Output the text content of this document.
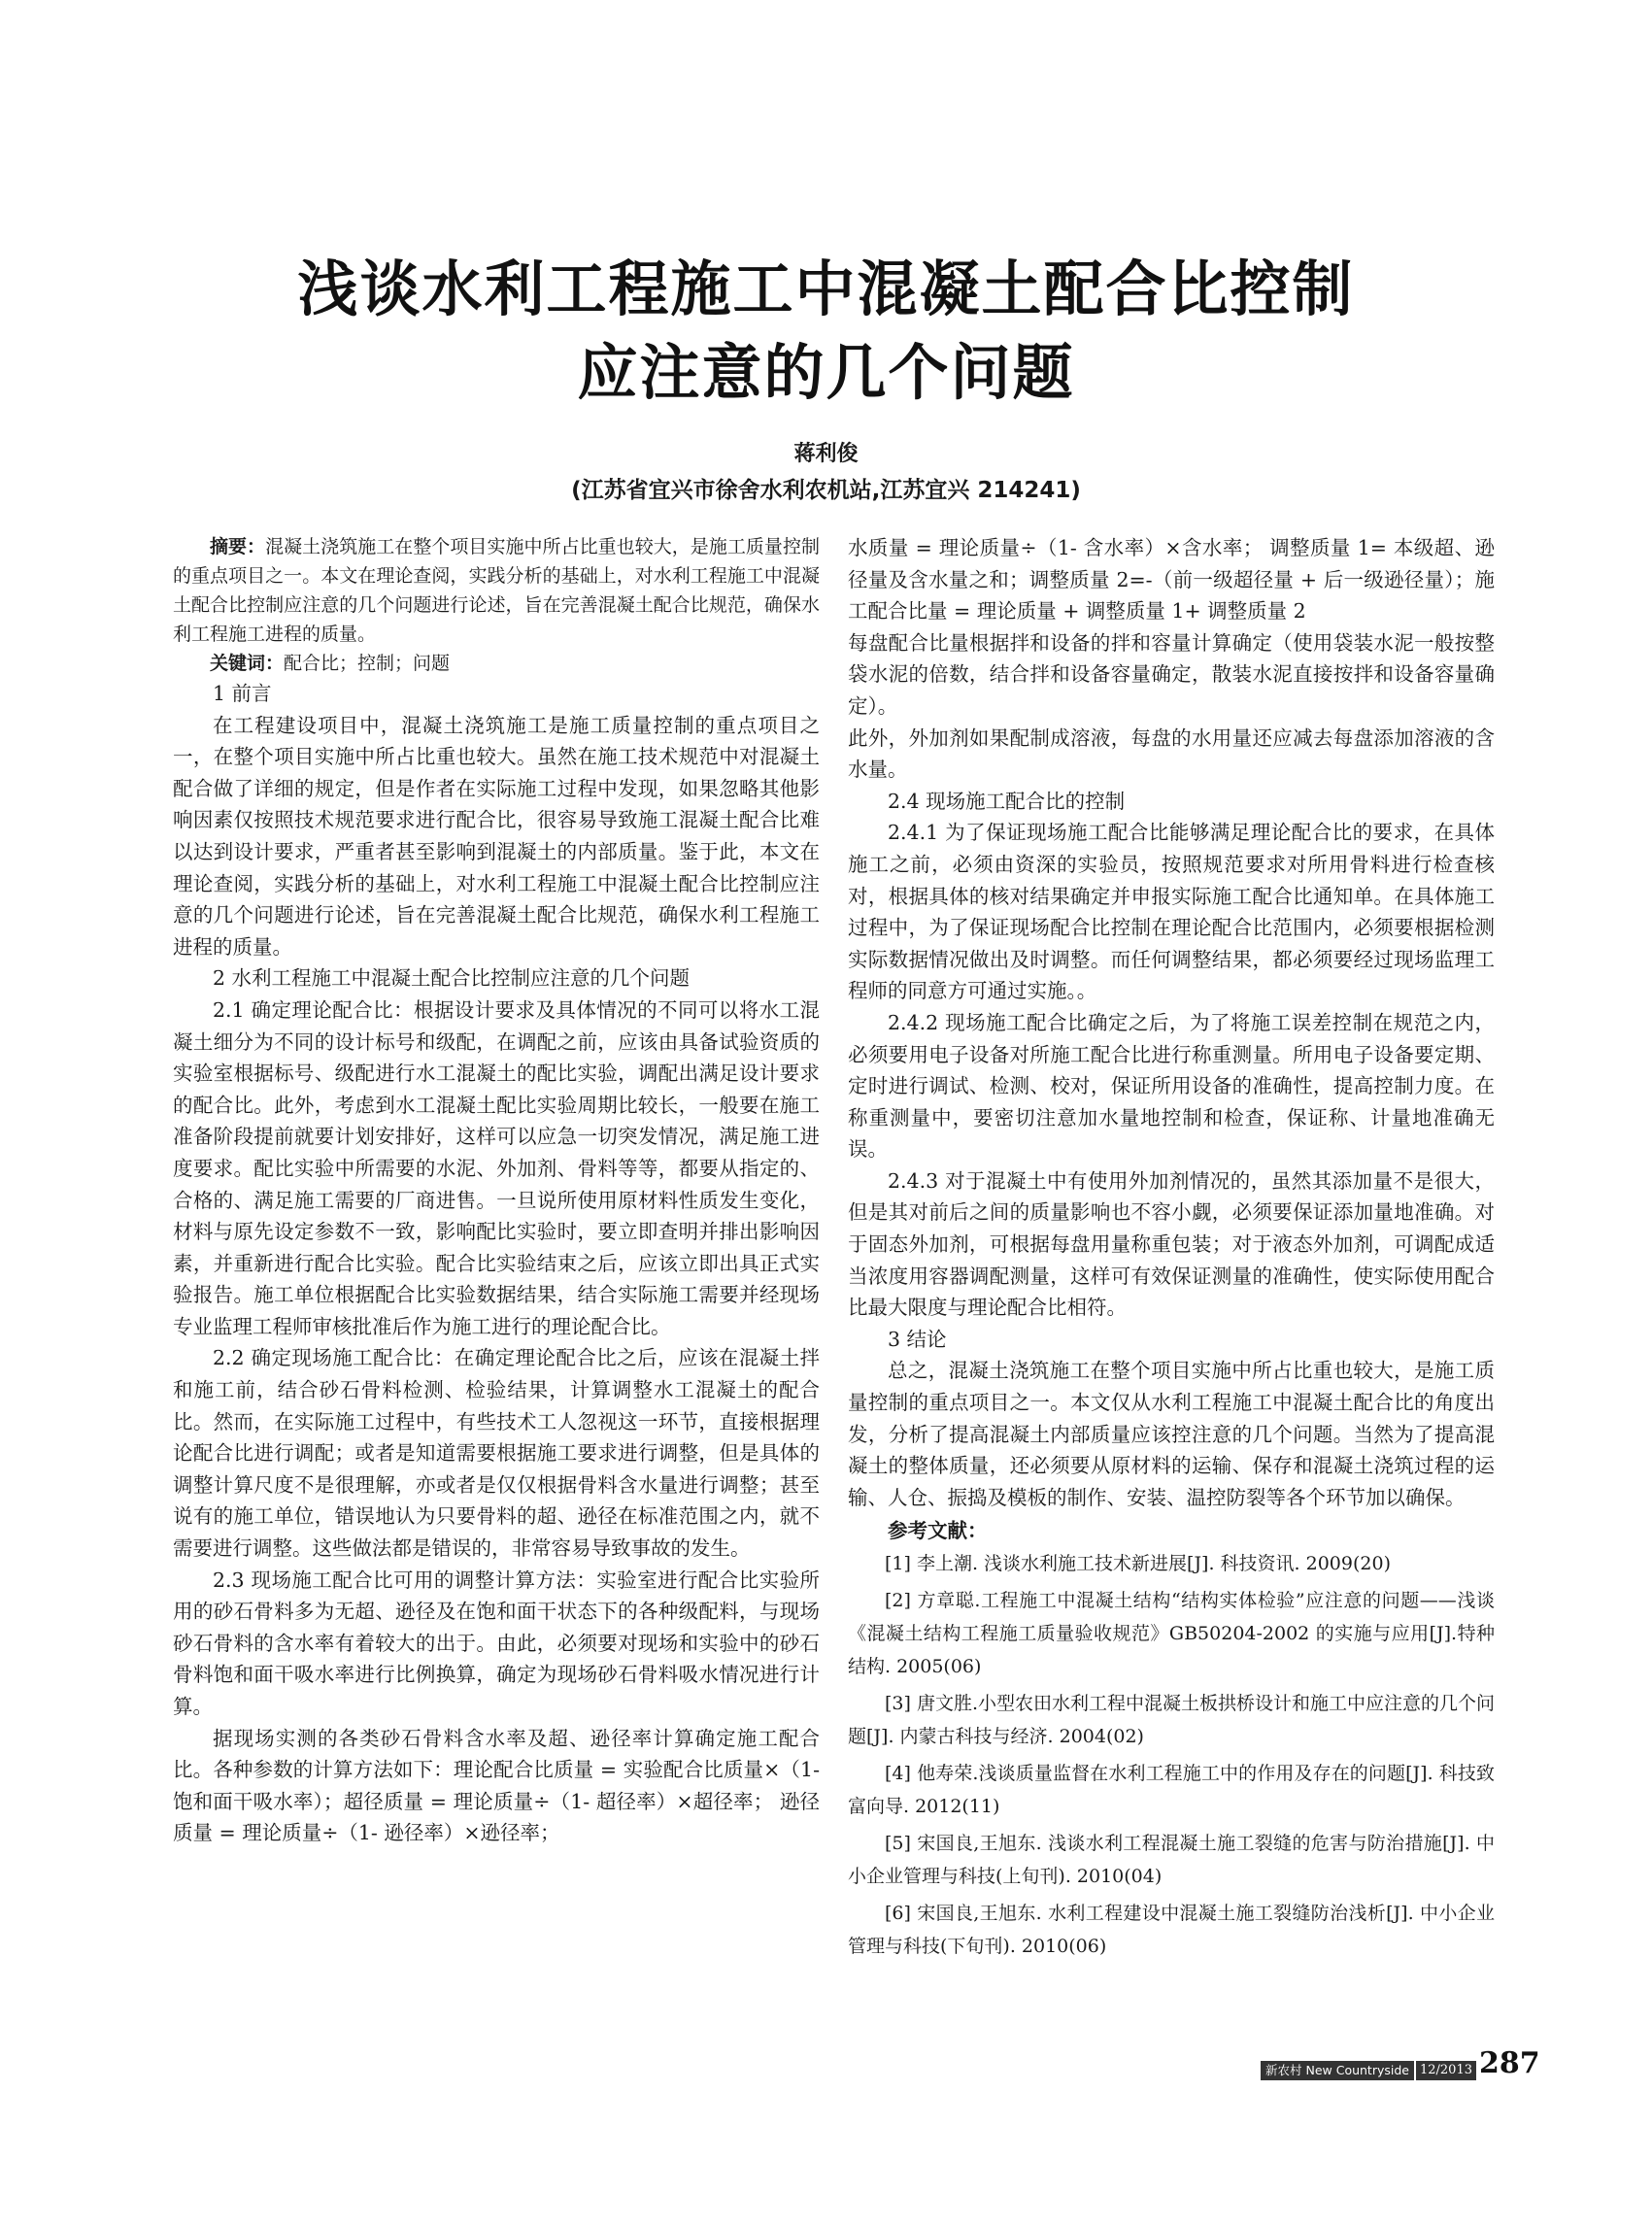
浅谈水利工程施工中混凝土配合比控制
应注意的几个问题
蒋利俊
(江苏省宜兴市徐舍水利农机站,江苏宜兴 214241)

摘要：混凝土浇筑施工在整个项目实施中所占比重也较大，是施工质量控制的重点项目之一。本文在理论查阅，实践分析的基础上，对水利工程施工中混凝土配合比控制应注意的几个问题进行论述，旨在完善混凝土配合比规范，确保水利工程施工进程的质量。

关键词：配合比；控制；问题

1 前言

在工程建设项目中，混凝土浇筑施工是施工质量控制的重点项目之一，在整个项目实施中所占比重也较大。虽然在施工技术规范中对混凝土配合做了详细的规定，但是作者在实际施工过程中发现，如果忽略其他影响因素仅按照技术规范要求进行配合比，很容易导致施工混凝土配合比难以达到设计要求，严重者甚至影响到混凝土的内部质量。鉴于此，本文在理论查阅，实践分析的基础上，对水利工程施工中混凝土配合比控制应注意的几个问题进行论述，旨在完善混凝土配合比规范，确保水利工程施工进程的质量。

2 水利工程施工中混凝土配合比控制应注意的几个问题

2.1 确定理论配合比：根据设计要求及具体情况的不同可以将水工混凝土细分为不同的设计标号和级配，在调配之前，应该由具备试验资质的实验室根据标号、级配进行水工混凝土的配比实验，调配出满足设计要求的配合比。此外，考虑到水工混凝土配比实验周期比较长，一般要在施工准备阶段提前就要计划安排好，这样可以应急一切突发情况，满足施工进度要求。配比实验中所需要的水泥、外加剂、骨料等等，都要从指定的、合格的、满足施工需要的厂商进售。一旦说所使用原材料性质发生变化，材料与原先设定参数不一致，影响配比实验时，要立即查明并排出影响因素，并重新进行配合比实验。配合比实验结束之后，应该立即出具正式实验报告。施工单位根据配合比实验数据结果，结合实际施工需要并经现场专业监理工程师审核批准后作为施工进行的理论配合比。

2.2 确定现场施工配合比：在确定理论配合比之后，应该在混凝土拌和施工前，结合砂石骨料检测、检验结果，计算调整水工混凝土的配合比。然而，在实际施工过程中，有些技术工人忽视这一环节，直接根据理论配合比进行调配；或者是知道需要根据施工要求进行调整，但是具体的调整计算尺度不是很理解，亦或者是仅仅根据骨料含水量进行调整；甚至说有的施工单位，错误地认为只要骨料的超、逊径在标准范围之内，就不需要进行调整。这些做法都是错误的，非常容易导致事故的发生。

2.3 现场施工配合比可用的调整计算方法：实验室进行配合比实验所用的砂石骨料多为无超、逊径及在饱和面干状态下的各种级配料，与现场砂石骨料的含水率有着较大的出于。由此，必须要对现场和实验中的砂石骨料饱和面干吸水率进行比例换算，确定为现场砂石骨料吸水情况进行计算。

据现场实测的各类砂石骨料含水率及超、逊径率计算确定施工配合比。各种参数的计算方法如下：理论配合比质量 = 实验配合比质量×（1- 饱和面干吸水率）；超径质量 = 理论质量÷（1- 超径率）×超径率； 逊径质量 = 理论质量÷（1- 逊径率）×逊径率；

水质量 = 理论质量÷（1- 含水率）×含水率； 调整质量 1= 本级超、逊径量及含水量之和；调整质量 2=-（前一级超径量 + 后一级逊径量）；施工配合比量 = 理论质量 + 调整质量 1+ 调整质量 2

每盘配合比量根据拌和设备的拌和容量计算确定（使用袋装水泥一般按整袋水泥的倍数，结合拌和设备容量确定，散装水泥直接按拌和设备容量确定）。

此外，外加剂如果配制成溶液，每盘的水用量还应减去每盘添加溶液的含水量。

2.4 现场施工配合比的控制

2.4.1 为了保证现场施工配合比能够满足理论配合比的要求，在具体施工之前，必须由资深的实验员，按照规范要求对所用骨料进行检查核对，根据具体的核对结果确定并申报实际施工配合比通知单。在具体施工过程中，为了保证现场配合比控制在理论配合比范围内，必须要根据检测实际数据情况做出及时调整。而任何调整结果，都必须要经过现场监理工程师的同意方可通过实施。。

2.4.2 现场施工配合比确定之后，为了将施工误差控制在规范之内，必须要用电子设备对所施工配合比进行称重测量。所用电子设备要定期、定时进行调试、检测、校对，保证所用设备的准确性，提高控制力度。在称重测量中，要密切注意加水量地控制和检查，保证称、计量地准确无误。

2.4.3 对于混凝土中有使用外加剂情况的，虽然其添加量不是很大，但是其对前后之间的质量影响也不容小觑，必须要保证添加量地准确。对于固态外加剂，可根据每盘用量称重包装；对于液态外加剂，可调配成适当浓度用容器调配测量，这样可有效保证测量的准确性，使实际使用配合比最大限度与理论配合比相符。

3 结论

总之，混凝土浇筑施工在整个项目实施中所占比重也较大，是施工质量控制的重点项目之一。本文仅从水利工程施工中混凝土配合比的角度出发，分析了提高混凝土内部质量应该控注意的几个问题。当然为了提高混凝土的整体质量，还必须要从原材料的运输、保存和混凝土浇筑过程的运输、人仓、振捣及模板的制作、安装、温控防裂等各个环节加以确保。

参考文献：

[1] 李上潮. 浅谈水利施工技术新进展[J]. 科技资讯. 2009(20)

[2] 方章聪.工程施工中混凝土结构“结构实体检验”应注意的问题——浅谈《混凝土结构工程施工质量验收规范》GB50204-2002 的实施与应用[J].特种结构. 2005(06)

[3] 唐文胜.小型农田水利工程中混凝土板拱桥设计和施工中应注意的几个问题[J]. 内蒙古科技与经济. 2004(02)

[4] 他寿荣.浅谈质量监督在水利工程施工中的作用及存在的问题[J]. 科技致富向导. 2012(11)

[5] 宋国良,王旭东. 浅谈水利工程混凝土施工裂缝的危害与防治措施[J]. 中小企业管理与科技(上旬刊). 2010(04)

[6] 宋国良,王旭东. 水利工程建设中混凝土施工裂缝防治浅析[J]. 中小企业管理与科技(下旬刊). 2010(06)

新农村 New Countryside 12/2013 287
